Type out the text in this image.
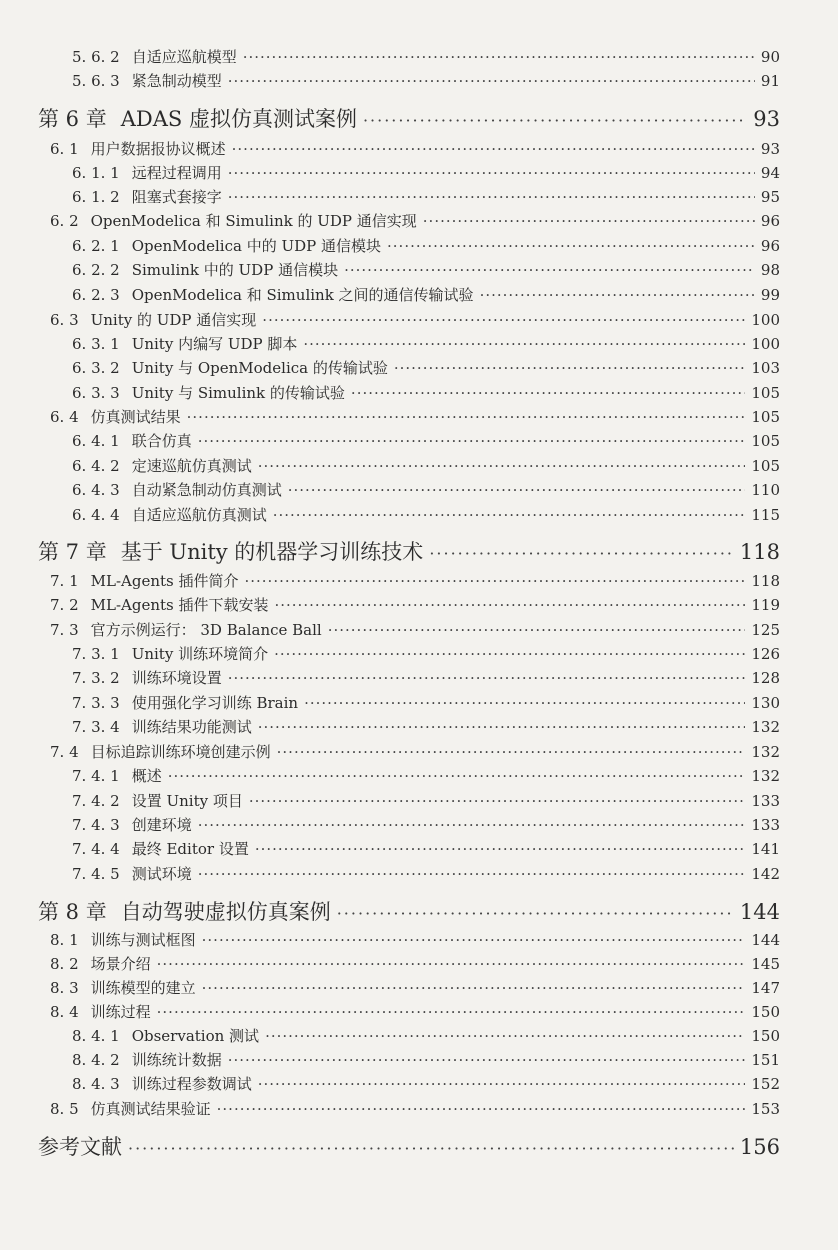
5. 6. 2 自适应巡航模型 ·····	90
5. 6. 3 紧急制动模型 ·····	91
第 6 章 ADAS 虚拟仿真测试案例 ·····	93
6. 1 用户数据报协议概述 ·····	93
6. 1. 1 远程过程调用 ·····	94
6. 1. 2 阻塞式套接字 ·····	95
6. 2 OpenModelica 和 Simulink 的 UDP 通信实现 ·····	96
6. 2. 1 OpenModelica 中的 UDP 通信模块 ·····	96
6. 2. 2 Simulink 中的 UDP 通信模块 ·····	98
6. 2. 3 OpenModelica 和 Simulink 之间的通信传输试验 ·····	99
6. 3 Unity 的 UDP 通信实现 ·····	100
6. 3. 1 Unity 内编写 UDP 脚本 ·····	100
6. 3. 2 Unity 与 OpenModelica 的传输试验 ·····	103
6. 3. 3 Unity 与 Simulink 的传输试验 ·····	105
6. 4 仿真测试结果 ·····	105
6. 4. 1 联合仿真 ·····	105
6. 4. 2 定速巡航仿真测试 ·····	105
6. 4. 3 自动紧急制动仿真测试 ·····	110
6. 4. 4 自适应巡航仿真测试 ·····	115
第 7 章 基于 Unity 的机器学习训练技术 ·····	118
7. 1 ML-Agents 插件简介 ·····	118
7. 2 ML-Agents 插件下载安装 ·····	119
7. 3 官方示例运行： 3D Balance Ball ·····	125
7. 3. 1 Unity 训练环境简介 ·····	126
7. 3. 2 训练环境设置 ·····	128
7. 3. 3 使用强化学习训练 Brain ·····	130
7. 3. 4 训练结果功能测试 ·····	132
7. 4 目标追踪训练环境创建示例 ·····	132
7. 4. 1 概述 ·····	132
7. 4. 2 设置 Unity 项目 ·····	133
7. 4. 3 创建环境 ·····	133
7. 4. 4 最终 Editor 设置 ·····	141
7. 4. 5 测试环境 ·····	142
第 8 章 自动驾驶虚拟仿真案例 ·····	144
8. 1 训练与测试框图 ·····	144
8. 2 场景介绍 ·····	145
8. 3 训练模型的建立 ·····	147
8. 4 训练过程 ·····	150
8. 4. 1 Observation 测试 ·····	150
8. 4. 2 训练统计数据 ·····	151
8. 4. 3 训练过程参数调试 ·····	152
8. 5 仿真测试结果验证 ·····	153
参考文献 ·····	156
